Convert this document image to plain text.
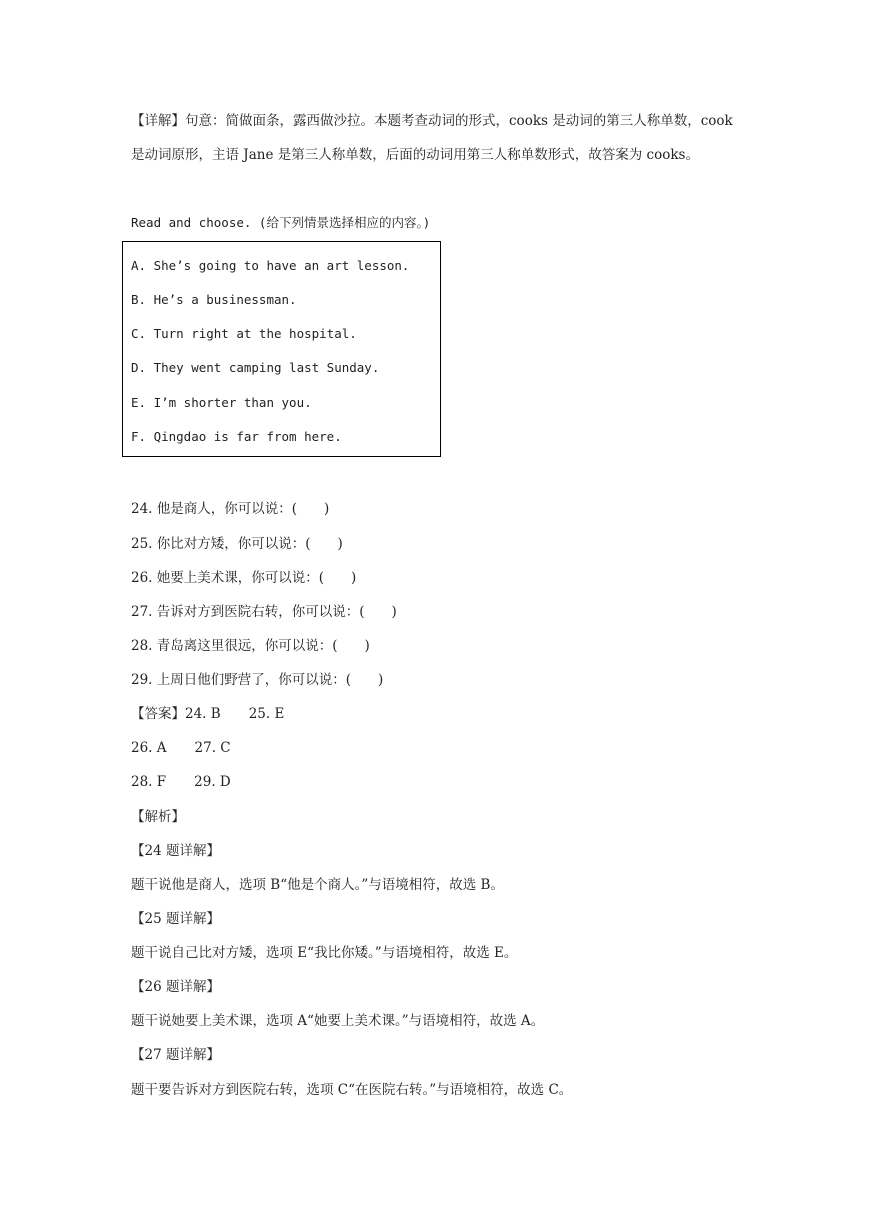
【详解】句意：简做面条，露西做沙拉。本题考查动词的形式，cooks 是动词的第三人称单数，cook 是动词原形，主语 Jane 是第三人称单数，后面的动词用第三人称单数形式，故答案为 cooks。
Read and choose. (给下列情景选择相应的内容。)
A. She’s going to have an art lesson.
B. He’s a businessman.
C. Turn right at the hospital.
D. They went camping last Sunday.
E. I’m shorter than you.
F. Qingdao is far from here.
24. 他是商人，你可以说：(　　)
25. 你比对方矮，你可以说：(　　)
26. 她要上美术课，你可以说：(　　)
27. 告诉对方到医院右转，你可以说：(　　)
28. 青岛离这里很远，你可以说：(　　)
29. 上周日他们野营了，你可以说：(　　)
【答案】24. B 25. E
26. A 27. C
28. F 29. D
【解析】
【24 题详解】
题干说他是商人，选项 B“他是个商人。”与语境相符，故选 B。
【25 题详解】
题干说自己比对方矮，选项 E“我比你矮。”与语境相符，故选 E。
【26 题详解】
题干说她要上美术课，选项 A“她要上美术课。”与语境相符，故选 A。
【27 题详解】
题干要告诉对方到医院右转，选项 C“在医院右转。”与语境相符，故选 C。
